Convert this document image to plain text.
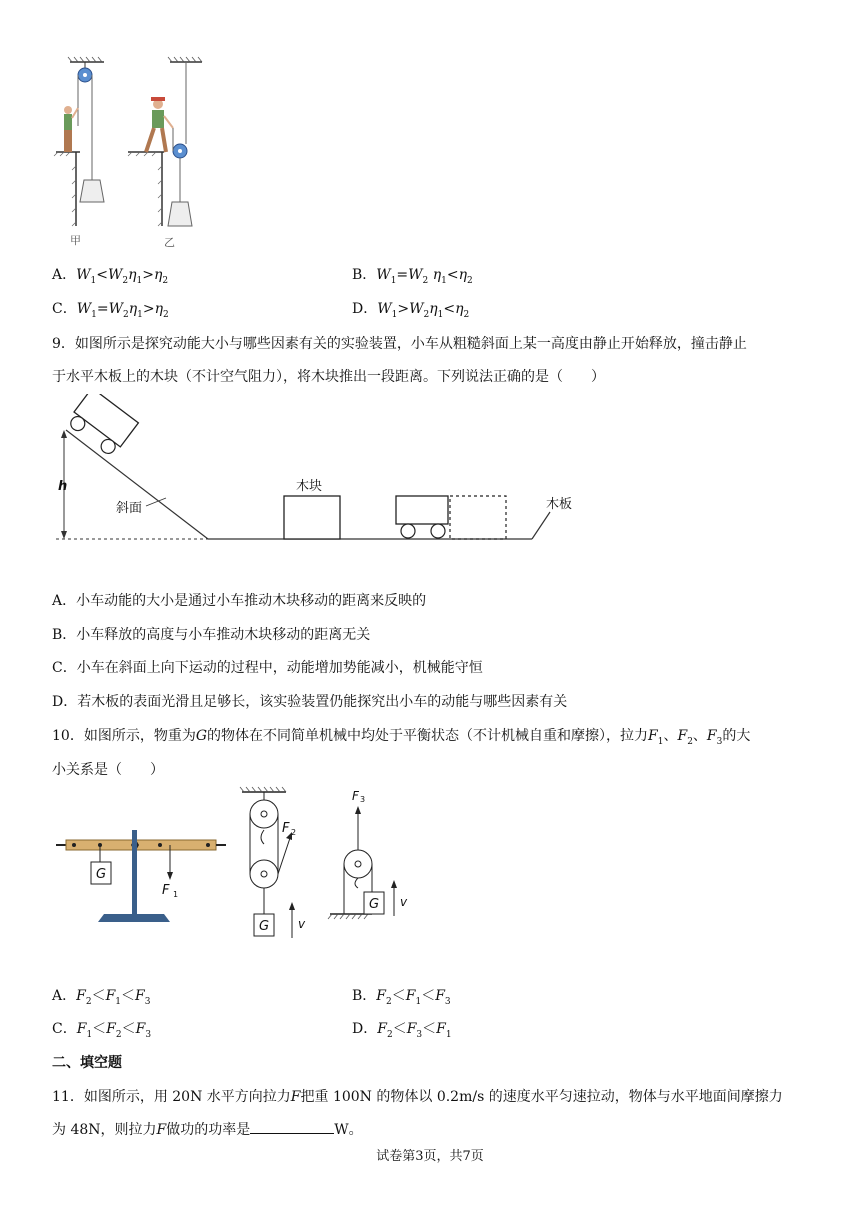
甲	乙
A．$W_1<W_2\eta_1>\eta_2$	B．$W_1=W_2$ $\eta_1<\eta_2$
C．$W_1=W_2\eta_1>\eta_2$	D．$W_1>W_2\eta_1<\eta_2$
9．如图所示是探究动能大小与哪些因素有关的实验装置，小车从粗糙斜面上某一高度由静止开始释放，撞击静止
于水平木板上的木块（不计空气阻力），将木块推出一段距离。下列说法正确的是（　　）
h
斜面
木块
木板
A．小车动能的大小是通过小车推动木块移动的距离来反映的
B．小车释放的高度与小车推动木块移动的距离无关
C．小车在斜面上向下运动的过程中，动能增加势能减小，机械能守恒
D．若木板的表面光滑且足够长，该实验装置仍能探究出小车的动能与哪些因素有关
10．如图所示，物重为G的物体在不同简单机械中均处于平衡状态（不计机械自重和摩擦），拉力$F_1$、$F_2$、$F_3$的大
小关系是（　　）
G
F 1
F 2
G v
F 3
G v
A．$F_2<F_1<F_3$	B．$F_2<F_1<F_3$
C．$F_1<F_2<F_3$	D．$F_2<F_3<F_1$
二、填空题
11．如图所示，用 20N 水平方向拉力F把重 100N 的物体以 0.2m/s 的速度水平匀速拉动，物体与水平地面间摩擦力
为 48N，则拉力F做功的功率是	W。
试卷第3页，共7页
